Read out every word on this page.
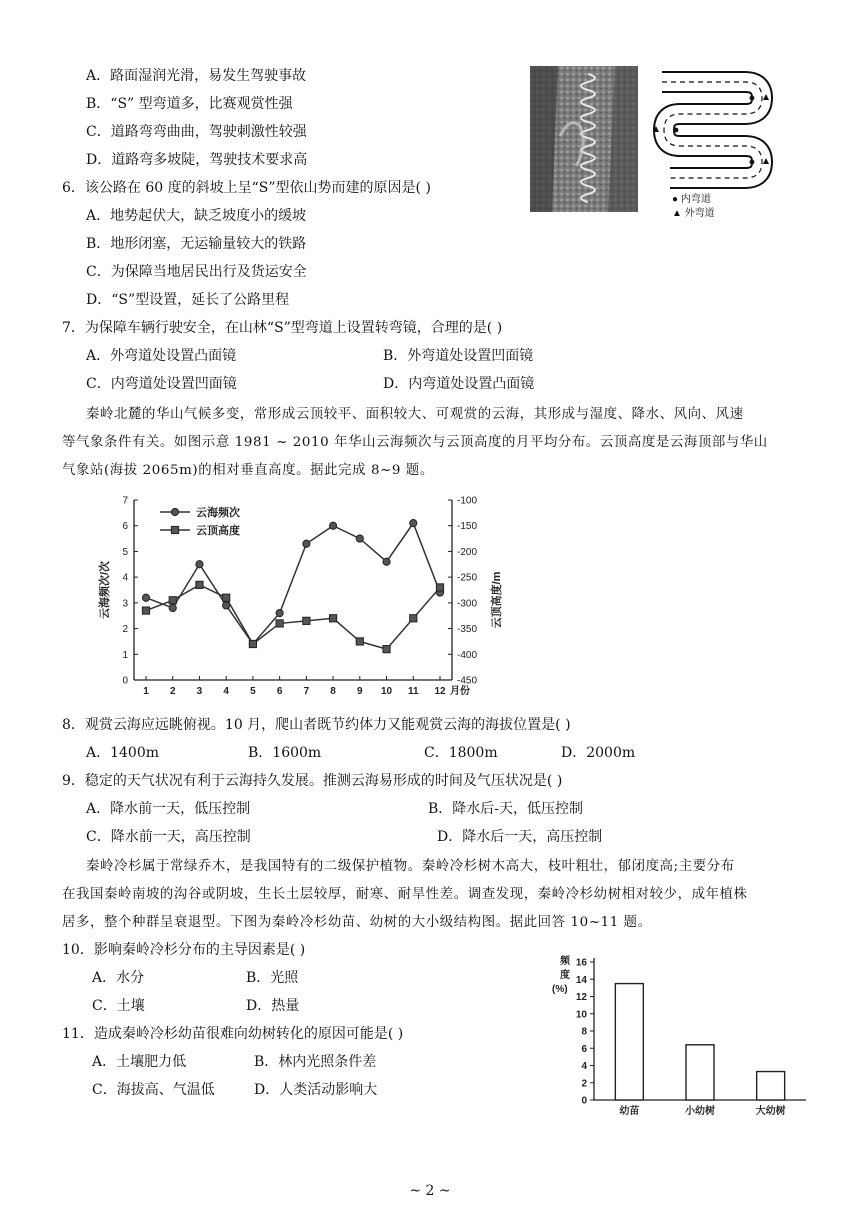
A．路面湿润光滑，易发生驾驶事故
B．“S” 型弯道多，比赛观赏性强
C．道路弯弯曲曲，驾驶刺激性较强
D．道路弯多坡陡，驾驶技术要求高
6．该公路在 60 度的斜坡上呈“S”型依山势而建的原因是( )
A．地势起伏大，缺乏坡度小的缓坡
B．地形闭塞，无运输量较大的铁路
C．为保障当地居民出行及货运安全
D．“S”型设置，延长了公路里程
7．为保障车辆行驶安全，在山林“S”型弯道上设置转弯镜，合理的是( )
A．外弯道处设置凸面镜	B．外弯道处设置凹面镜
C．内弯道处设置凹面镜	D．内弯道处设置凸面镜
● 内弯道
▲ 外弯道
秦岭北麓的华山气候多变，常形成云顶较平、面积较大、可观赏的云海，其形成与湿度、降水、风向、风速
等气象条件有关。如图示意 1981 ~ 2010 年华山云海频次与云顶高度的月平均分布。云顶高度是云海顶部与华山
气象站(海拔 2065m)的相对垂直高度。据此完成 8~9 题。
0
1
2
3
4
5
6
7	-100
-150
-200
-250
-300
-350
-400
-450
1 2 3 4 5 6 7 8 9 10 11 12 月份
云海频次/次	云顶高度/m
云海频次
云顶高度
8．观赏云海应远眺俯视。10 月，爬山者既节约体力又能观赏云海的海拔位置是( )
A．1400m	B．1600m	C．1800m	D．2000m
9．稳定的天气状况有利于云海持久发展。推测云海易形成的时间及气压状况是( )
A．降水前一天，低压控制	B．降水后-天，低压控制
C．降水前一天，高压控制	D．降水后一天，高压控制
秦岭冷杉属于常绿乔木，是我国特有的二级保护植物。秦岭冷杉树木高大，枝叶粗壮，郁闭度高;主要分布
在我国秦岭南坡的沟谷或阴坡，生长土层较厚，耐寒、耐旱性差。调查发现，秦岭冷杉幼树相对较少，成年植株
居多，整个种群呈衰退型。下图为秦岭冷杉幼苗、幼树的大小级结构图。据此回答 10~11 题。
10．影响秦岭冷杉分布的主导因素是( )
A．水分	B．光照
C．土壤	D．热量
11．造成秦岭冷杉幼苗很难向幼树转化的原因可能是( )
A．土壤肥力低	B．林内光照条件差
C．海拔高、气温低	D．人类活动影响大
0
2
4
6
8
10
12
14
16
频
度
(%)
幼苗	小幼树	大幼树
~ 2 ~
